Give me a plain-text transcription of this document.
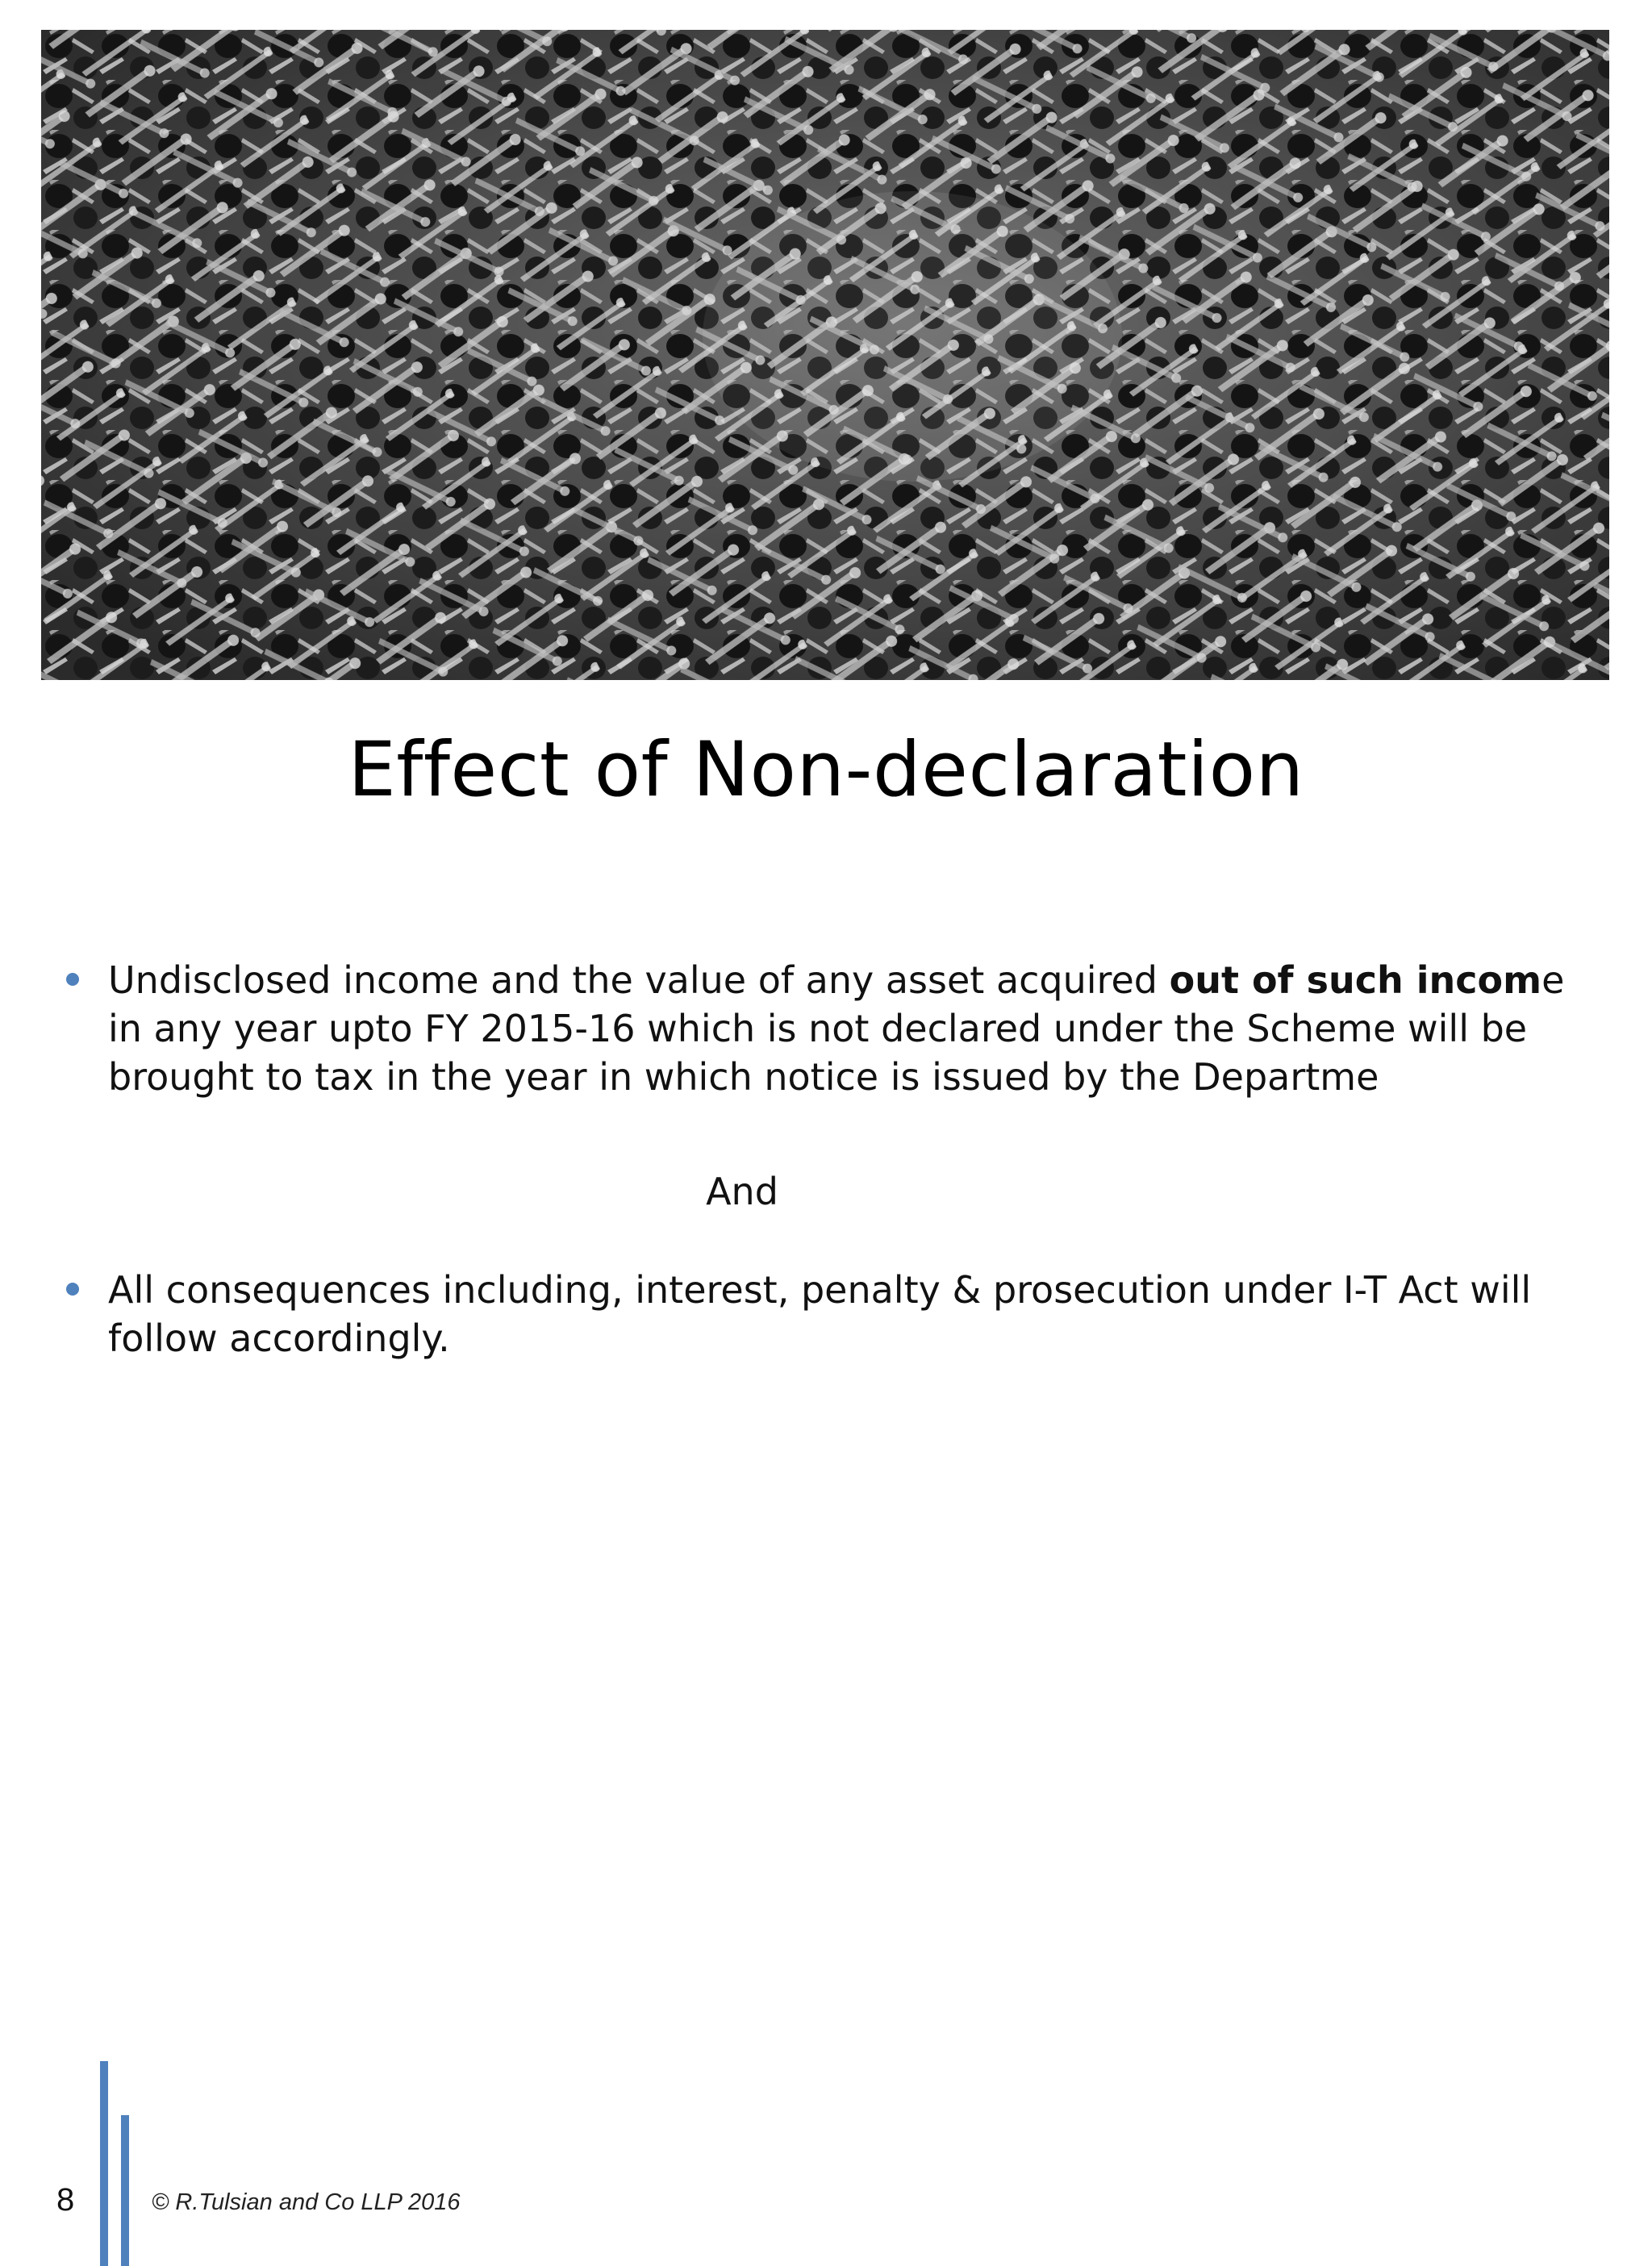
Effect of Non-declaration
Undisclosed income and the value of any asset acquired out of such income in any year upto FY 2015-16 which is not declared under the Scheme will be brought to tax in the year in which notice is issued by the Departme
And
All consequences including, interest, penalty & prosecution under I-T Act will follow accordingly.
8	© R.Tulsian and Co LLP 2016
